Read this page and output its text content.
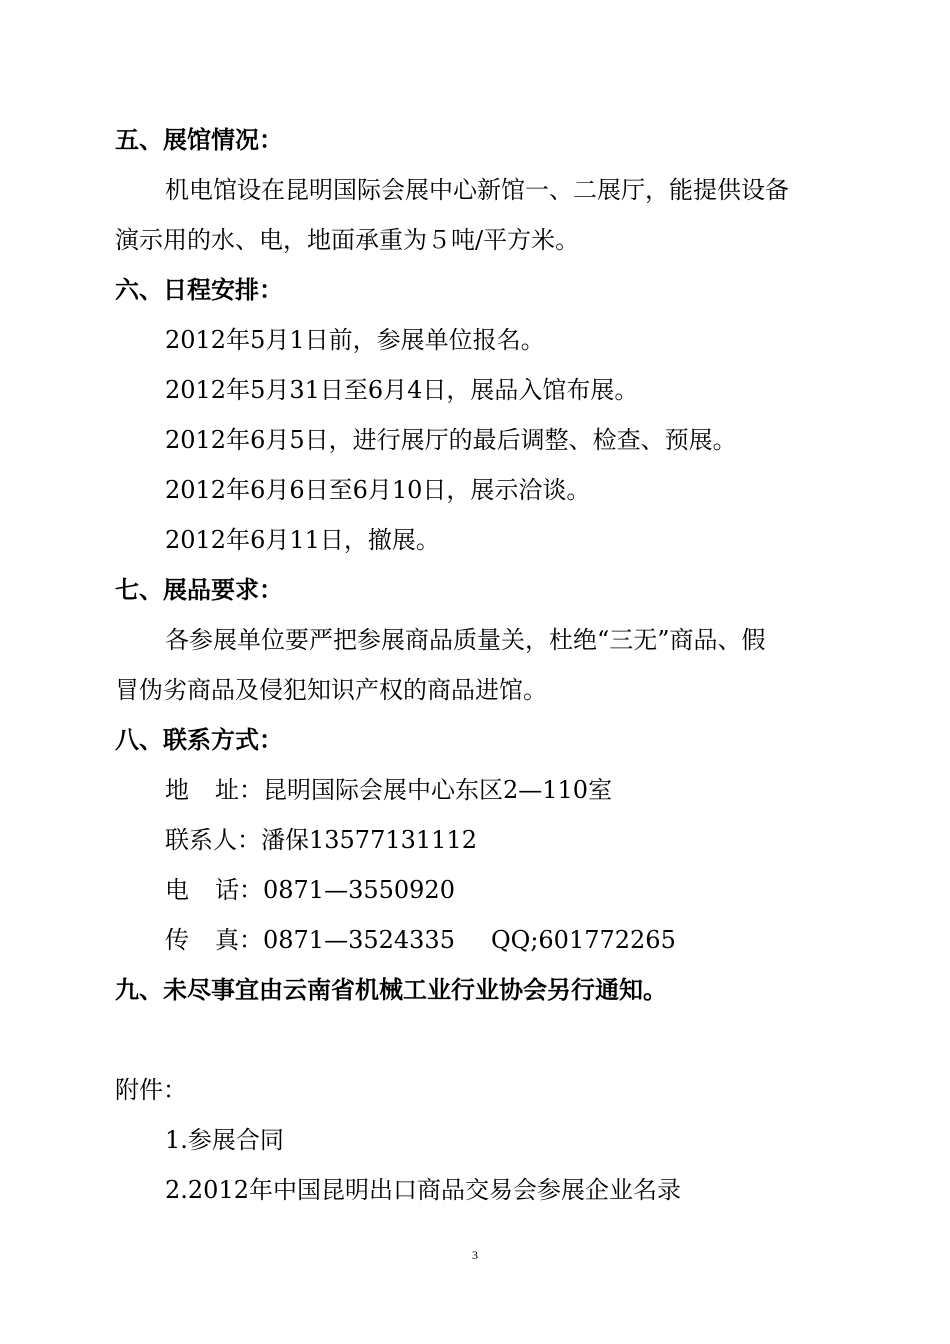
五、展馆情况：
机电馆设在昆明国际会展中心新馆一、二展厅，能提供设备
演示用的水、电，地面承重为５吨/平方米。
六、日程安排：
2012年5月1日前，参展单位报名。
2012年5月31日至6月4日，展品入馆布展。
2012年6月5日，进行展厅的最后调整、检查、预展。
2012年6月6日至6月10日，展示洽谈。
2012年6月11日，撤展。
七、展品要求：
各参展单位要严把参展商品质量关，杜绝“三无”商品、假
冒伪劣商品及侵犯知识产权的商品进馆。
八、联系方式：
地 址：昆明国际会展中心东区2—110室
联系人：潘保13577131112
电 话：0871—3550920
传 真：0871—3524335 QQ;601772265
九、未尽事宜由云南省机械工业行业协会另行通知。
附件：
1.参展合同
2.2012年中国昆明出口商品交易会参展企业名录
3
